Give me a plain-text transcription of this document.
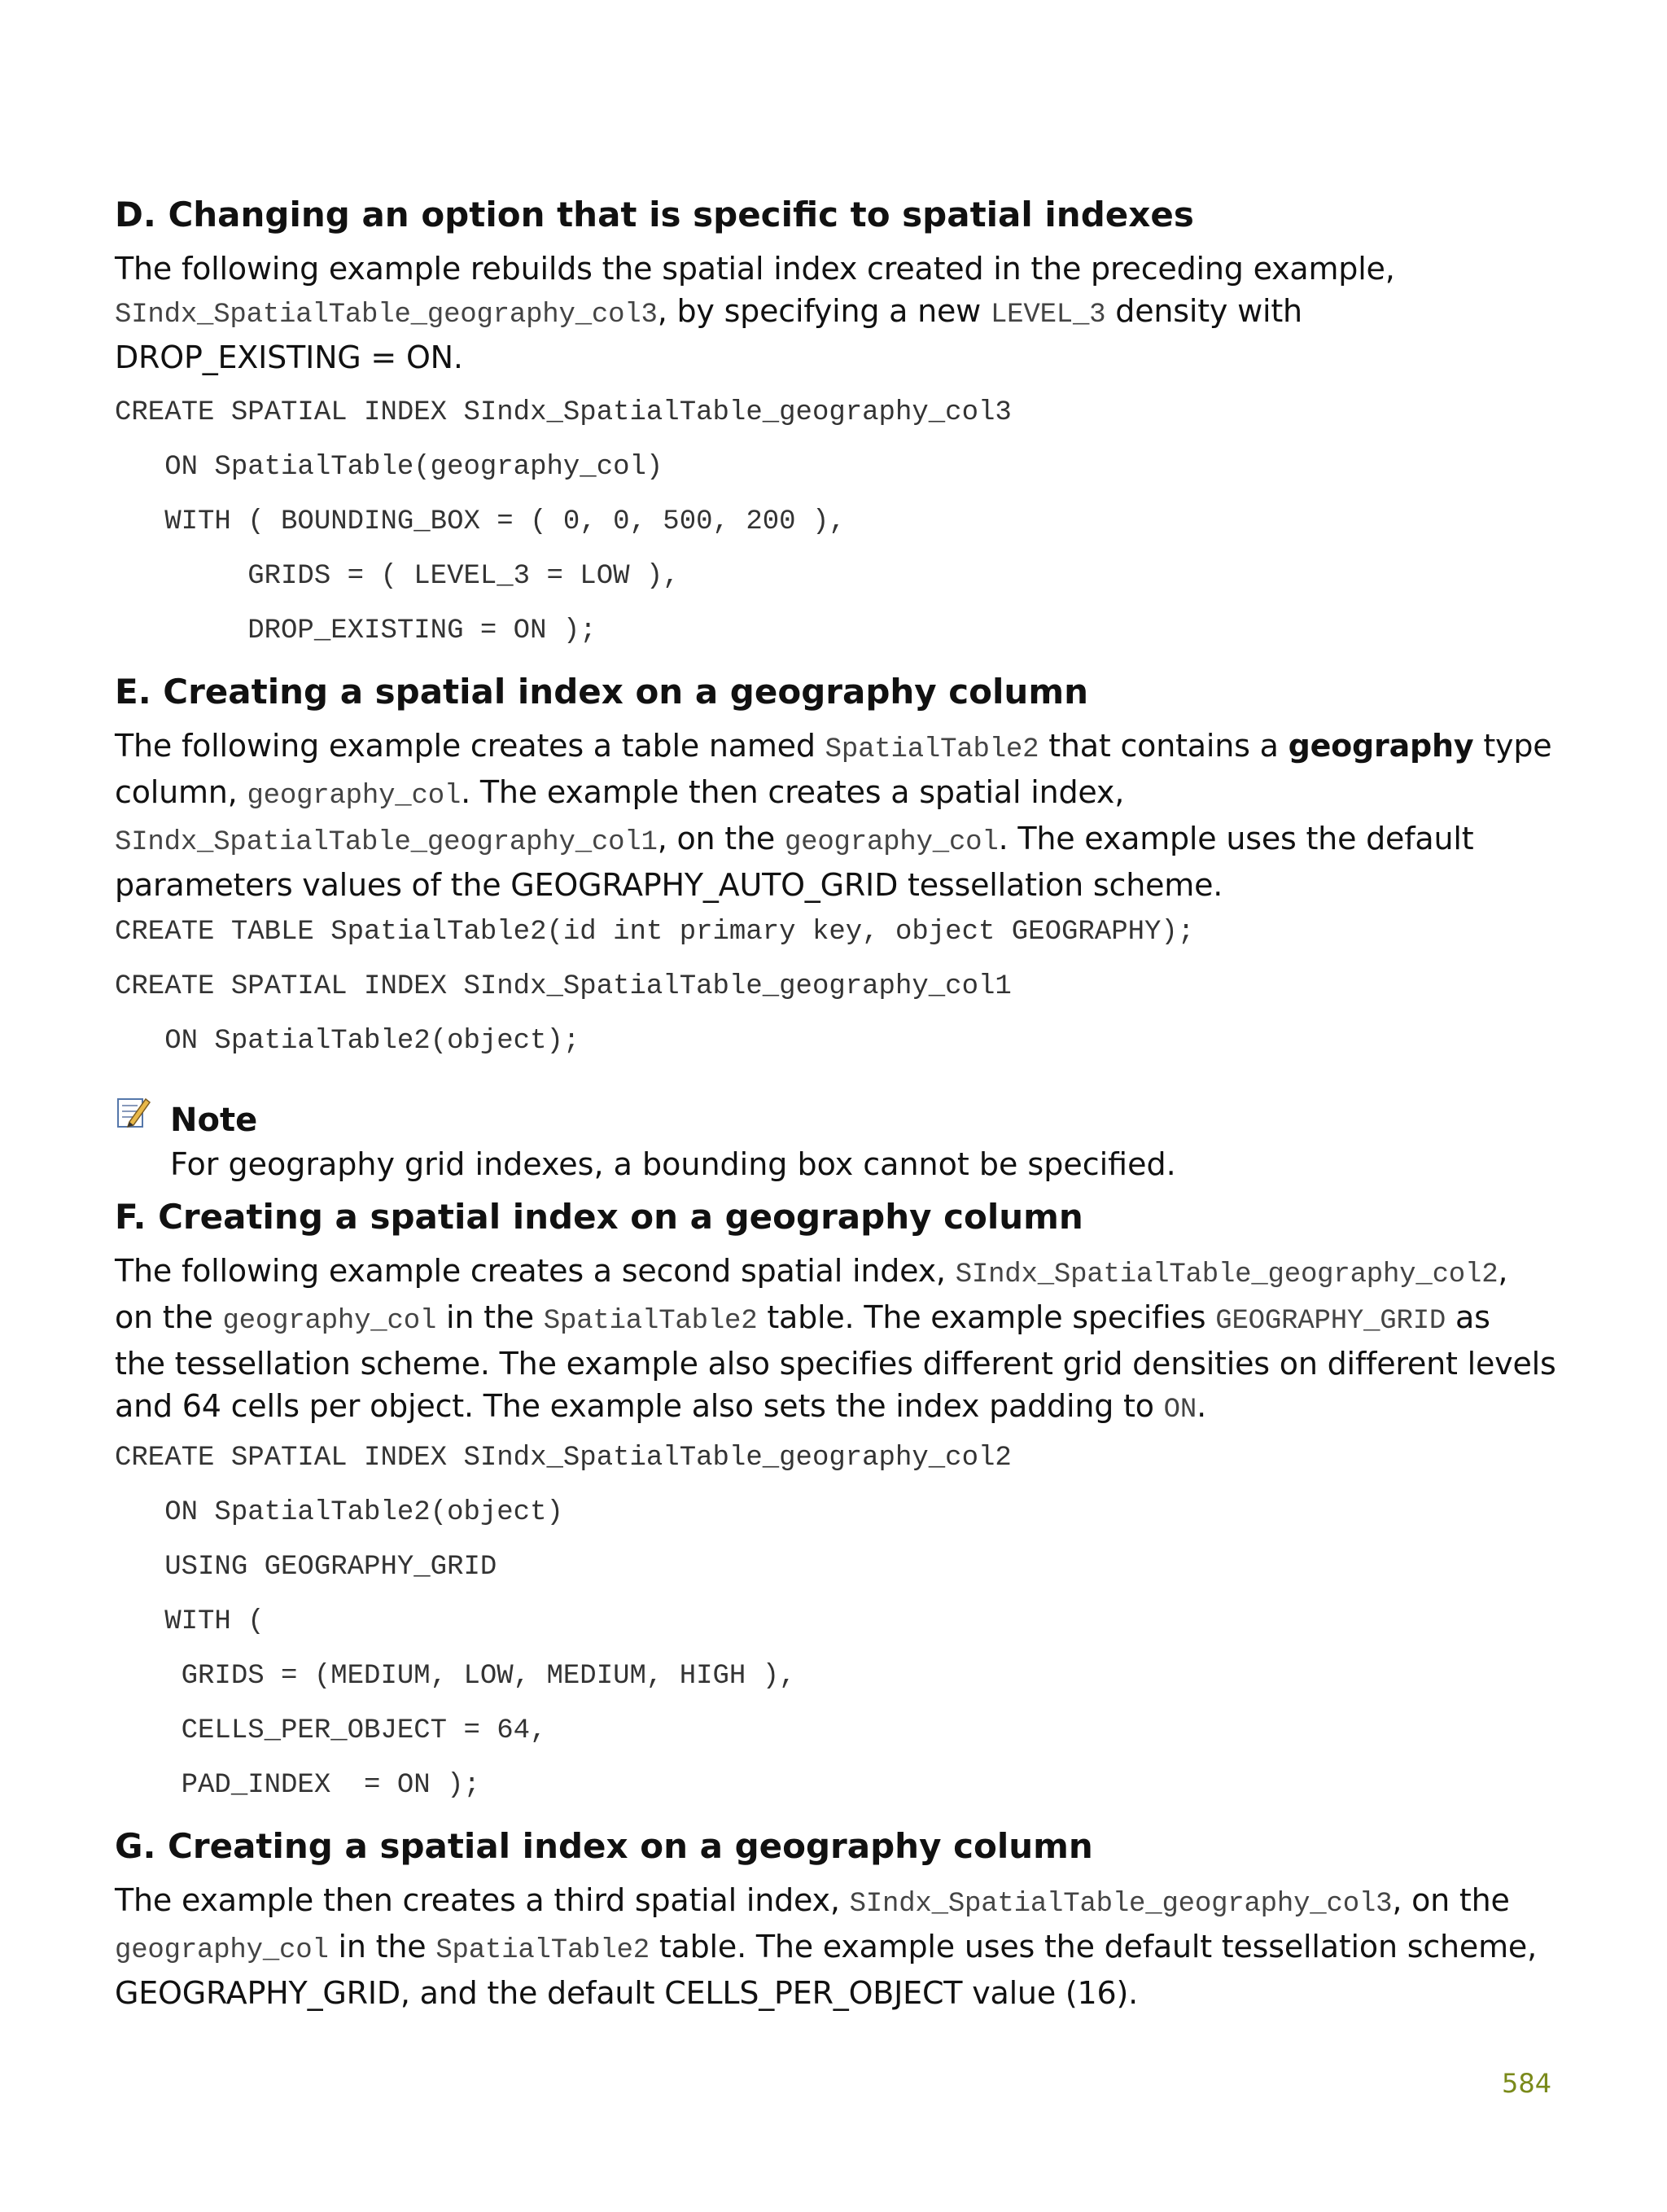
D. Changing an option that is specific to spatial indexes
The following example rebuilds the spatial index created in the preceding example,
SIndx_SpatialTable_geography_col3, by specifying a new LEVEL_3 density with
DROP_EXISTING = ON.
CREATE SPATIAL INDEX SIndx_SpatialTable_geography_col3
ON SpatialTable(geography_col)
WITH ( BOUNDING_BOX = ( 0, 0, 500, 200 ),
GRIDS = ( LEVEL_3 = LOW ),
DROP_EXISTING = ON );
E. Creating a spatial index on a geography column
The following example creates a table named SpatialTable2 that contains a geography type
column, geography_col. The example then creates a spatial index,
SIndx_SpatialTable_geography_col1, on the geography_col. The example uses the default
parameters values of the GEOGRAPHY_AUTO_GRID tessellation scheme.
CREATE TABLE SpatialTable2(id int primary key, object GEOGRAPHY);
CREATE SPATIAL INDEX SIndx_SpatialTable_geography_col1
ON SpatialTable2(object);
Note
For geography grid indexes, a bounding box cannot be specified.
F. Creating a spatial index on a geography column
The following example creates a second spatial index, SIndx_SpatialTable_geography_col2,
on the geography_col in the SpatialTable2 table. The example specifies GEOGRAPHY_GRID as
the tessellation scheme. The example also specifies different grid densities on different levels
and 64 cells per object. The example also sets the index padding to ON.
CREATE SPATIAL INDEX SIndx_SpatialTable_geography_col2
ON SpatialTable2(object)
USING GEOGRAPHY_GRID
WITH (
GRIDS = (MEDIUM, LOW, MEDIUM, HIGH ),
CELLS_PER_OBJECT = 64,
PAD_INDEX  = ON );
G. Creating a spatial index on a geography column
The example then creates a third spatial index, SIndx_SpatialTable_geography_col3, on the
geography_col in the SpatialTable2 table. The example uses the default tessellation scheme,
GEOGRAPHY_GRID, and the default CELLS_PER_OBJECT value (16).
584
